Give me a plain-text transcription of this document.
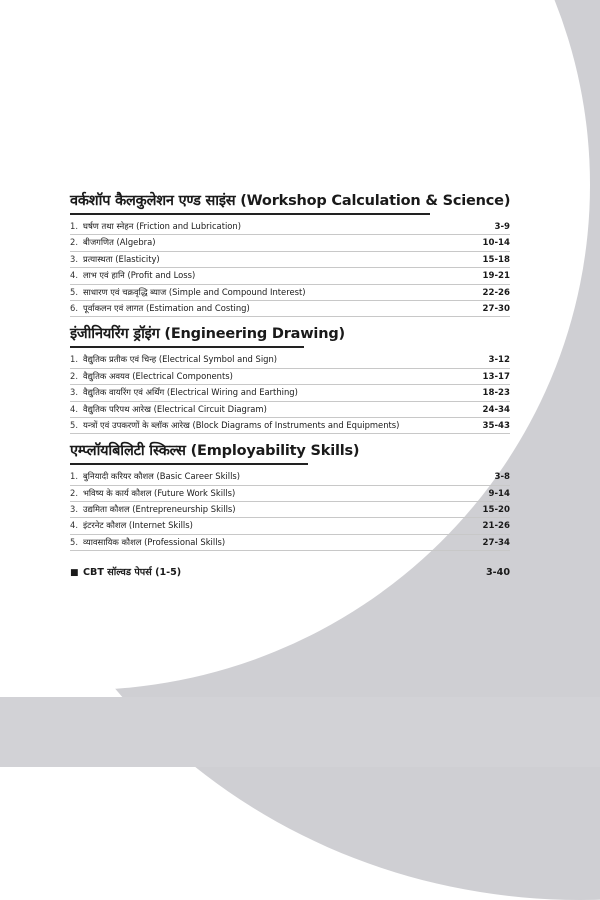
वर्कशॉप कैलकुलेशन एण्ड साइंस (Workshop Calculation & Science)
1. घर्षण तथा स्नेहन (Friction and Lubrication)	3-9
2. बीजगणित (Algebra)	10-14
3. प्रत्यास्थता (Elasticity)	15-18
4. लाभ एवं हानि (Profit and Loss)	19-21
5. साधारण एवं चक्रवृद्धि ब्याज (Simple and Compound Interest)	22-26
6. पूर्वाकलन एवं लागत (Estimation and Costing)	27-30
इंजीनियरिंग ड्रॉइंग (Engineering Drawing)
1. वैद्युतिक प्रतीक एवं चिन्ह (Electrical Symbol and Sign)	3-12
2. वैद्युतिक अवयव (Electrical Components)	13-17
3. वैद्युतिक वायरिंग एवं अर्थिंग (Electrical Wiring and Earthing)	18-23
4. वैद्युतिक परिपथ आरेख (Electrical Circuit Diagram)	24-34
5. यन्त्रों एवं उपकरणों के ब्लॉक आरेख (Block Diagrams of Instruments and Equipments)	35-43
एम्प्लॉयबिलिटी स्किल्स (Employability Skills)
1. बुनियादी करियर कौशल (Basic Career Skills)	3-8
2. भविष्य के कार्य कौशल (Future Work Skills)	9-14
3. उद्यमिता कौशल (Entrepreneurship Skills)	15-20
4. इंटरनेट कौशल (Internet Skills)	21-26
5. व्यावसायिक कौशल (Professional Skills)	27-34
■ CBT सॉल्वड पेपर्स (1-5)	3-40
